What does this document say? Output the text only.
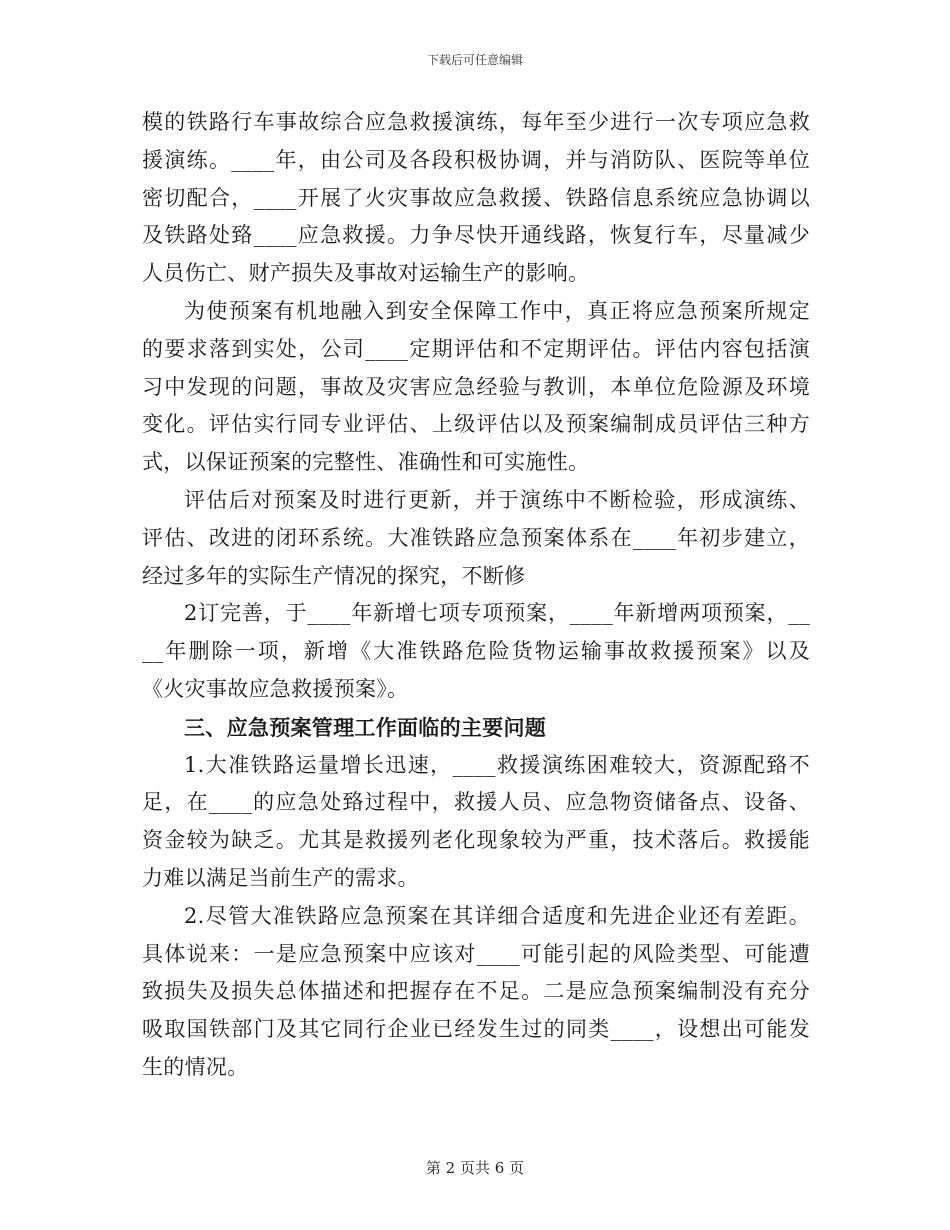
下载后可任意编辑
模的铁路行车事故综合应急救援演练，每年至少进行一次专项应急救
援演练。____年，由公司及各段积极协调，并与消防队、医院等单位
密切配合，____开展了火灾事故应急救援、铁路信息系统应急协调以
及铁路处臵____应急救援。力争尽快开通线路，恢复行车，尽量减少
人员伤亡、财产损失及事故对运输生产的影响。
为使预案有机地融入到安全保障工作中，真正将应急预案所规定
的要求落到实处，公司____定期评估和不定期评估。评估内容包括演
习中发现的问题，事故及灾害应急经验与教训，本单位危险源及环境
变化。评估实行同专业评估、上级评估以及预案编制成员评估三种方
式，以保证预案的完整性、准确性和可实施性。
评估后对预案及时进行更新，并于演练中不断检验，形成演练、
评估、改进的闭环系统。大准铁路应急预案体系在____年初步建立，
经过多年的实际生产情况的探究，不断修
2订完善，于____年新增七项专项预案，____年新增两项预案，__
__年删除一项，新增《大准铁路危险货物运输事故救援预案》以及
《火灾事故应急救援预案》。
三、应急预案管理工作面临的主要问题
1.大准铁路运量增长迅速，____救援演练困难较大，资源配臵不
足，在____的应急处臵过程中，救援人员、应急物资储备点、设备、
资金较为缺乏。尤其是救援列老化现象较为严重，技术落后。救援能
力难以满足当前生产的需求。
2.尽管大准铁路应急预案在其详细合适度和先进企业还有差距。
具体说来：一是应急预案中应该对____可能引起的风险类型、可能遭
致损失及损失总体描述和把握存在不足。二是应急预案编制没有充分
吸取国铁部门及其它同行企业已经发生过的同类____，设想出可能发
生的情况。
第 2 页共 6 页
